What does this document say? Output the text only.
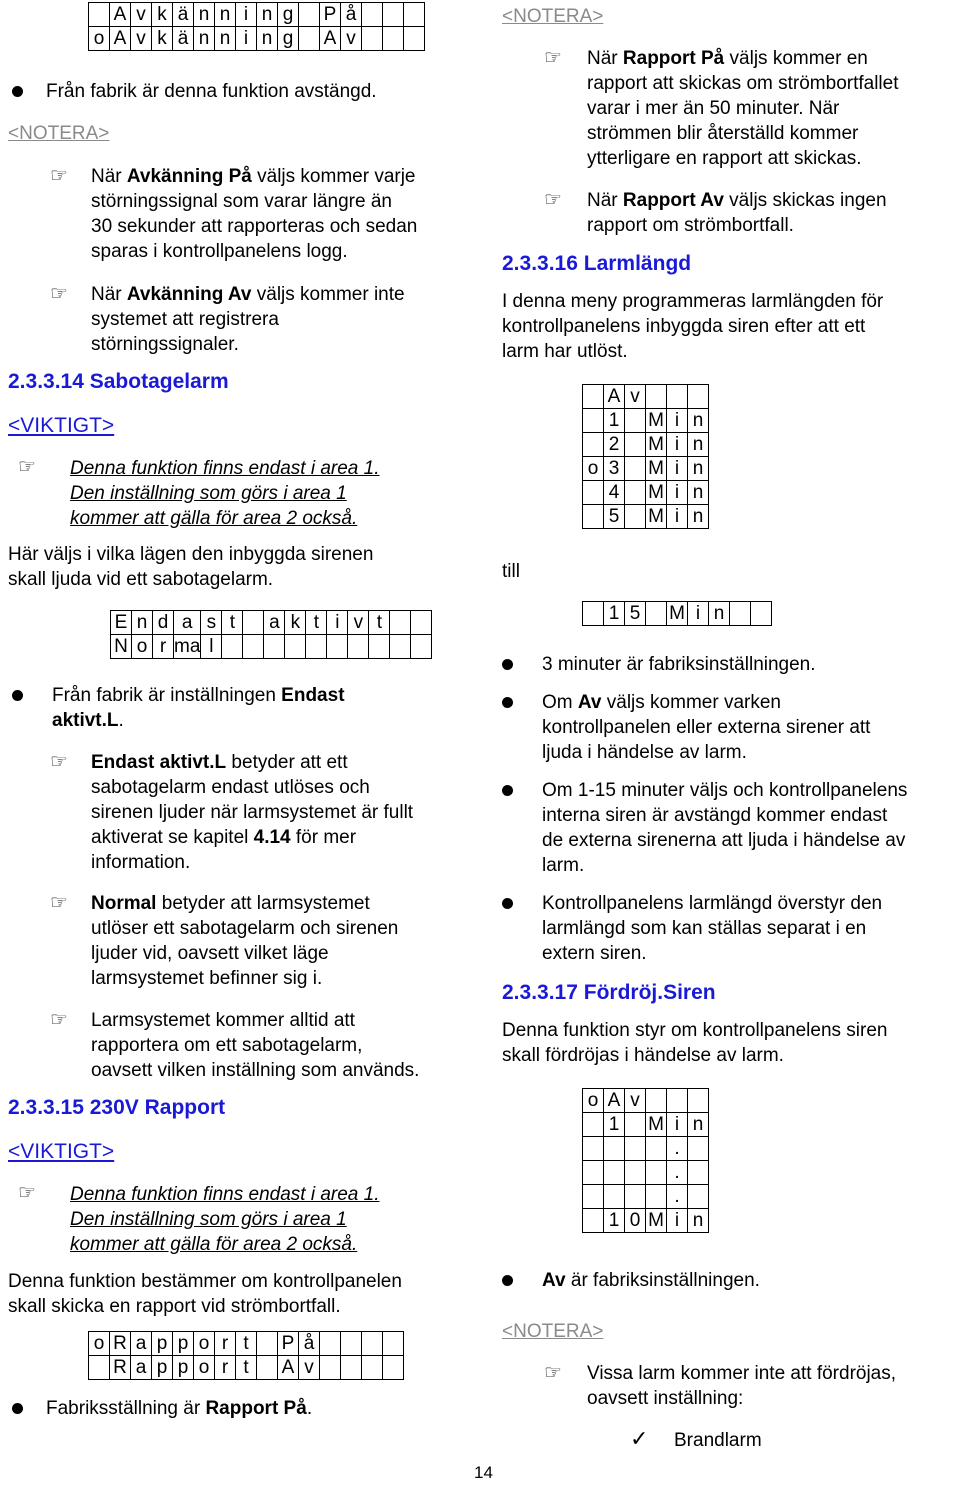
	A	v	k	ä	n	n	i	n	g		P	å			
o	A	v	k	ä	n	n	i	n	g		A	v			
Från fabrik är denna funktion avstängd.
<NOTERA>
☞ När Avkänning På väljs kommer varje
störningssignal som varar längre än
30 sekunder att rapporteras och sedan
sparas i kontrollpanelens logg.
☞ När Avkänning Av väljs kommer inte
systemet att registrera
störningssignaler.
2.3.3.14 Sabotagelarm
<VIKTIGT>
☞ Denna funktion finns endast i area 1.
Den inställning som görs i area 1
kommer att gälla för area 2 också.
Här väljs i vilka lägen den inbyggda sirenen
skall ljuda vid ett sabotagelarm.
E	n	d	a	s	t		a	k	t	i	v	t		
N	o	r	ma	l										
Från fabrik är inställningen Endast
aktivt.L.
☞ Endast aktivt.L betyder att ett
sabotagelarm endast utlöses och
sirenen ljuder när larmsystemet är fullt
aktiverat se kapitel 4.14 för mer
information.
☞ Normal betyder att larmsystemet
utlöser ett sabotagelarm och sirenen
ljuder vid, oavsett vilket läge
larmsystemet befinner sig i.
☞ Larmsystemet kommer alltid att
rapportera om ett sabotagelarm,
oavsett vilken inställning som används.
2.3.3.15 230V Rapport
<VIKTIGT>
☞ Denna funktion finns endast i area 1.
Den inställning som görs i area 1
kommer att gälla för area 2 också.
Denna funktion bestämmer om kontrollpanelen
skall skicka en rapport vid strömbortfall.
o	R	a	p	p	o	r	t		P	å				
	R	a	p	p	o	r	t		A	v				
Fabriksställning är Rapport På.
<NOTERA>
☞ När Rapport På väljs kommer en
rapport att skickas om strömbortfallet
varar i mer än 50 minuter. När
strömmen blir återställd kommer
ytterligare en rapport att skickas.
☞ När Rapport Av väljs skickas ingen
rapport om strömbortfall.
2.3.3.16 Larmlängd
I denna meny programmeras larmlängden för
kontrollpanelens inbyggda siren efter att ett
larm har utlöst.
	A	v			
	1		M	i	n
	2		M	i	n
o	3		M	i	n
	4		M	i	n
	5		M	i	n
till
	1	5		M	i	n		
3 minuter är fabriksinställningen.
Om Av väljs kommer varken
kontrollpanelen eller externa sirener att
ljuda i händelse av larm.
Om 1-15 minuter väljs och kontrollpanelens
interna siren är avstängd kommer endast
de externa sirenerna att ljuda i händelse av
larm.
Kontrollpanelens larmlängd överstyr den
larmlängd som kan ställas separat i en
extern siren.
2.3.3.17 Fördröj.Siren
Denna funktion styr om kontrollpanelens siren
skall fördröjas i händelse av larm.
o	A	v			
	1		M	i	n
				.	
				.	
				.	
	1	0	M	i	n
Av är fabriksinställningen.
<NOTERA>
☞ Vissa larm kommer inte att fördröjas,
oavsett inställning:
✓ Brandlarm
14
